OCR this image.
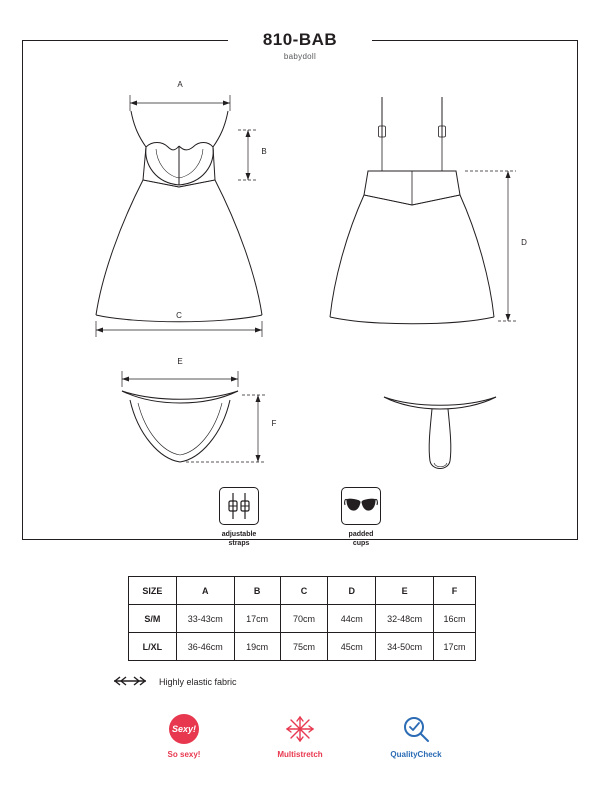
810-BAB
babydoll
A
B
C
D
E
F
adjustable
straps
padded
cups
SIZE	A	B	C	D	E	F
S/M	33-43cm	17cm	70cm	44cm	32-48cm	16cm
L/XL	36-46cm	19cm	75cm	45cm	34-50cm	17cm
Highly elastic fabric
Sexy!
So sexy!	Multistretch	QualityCheck
